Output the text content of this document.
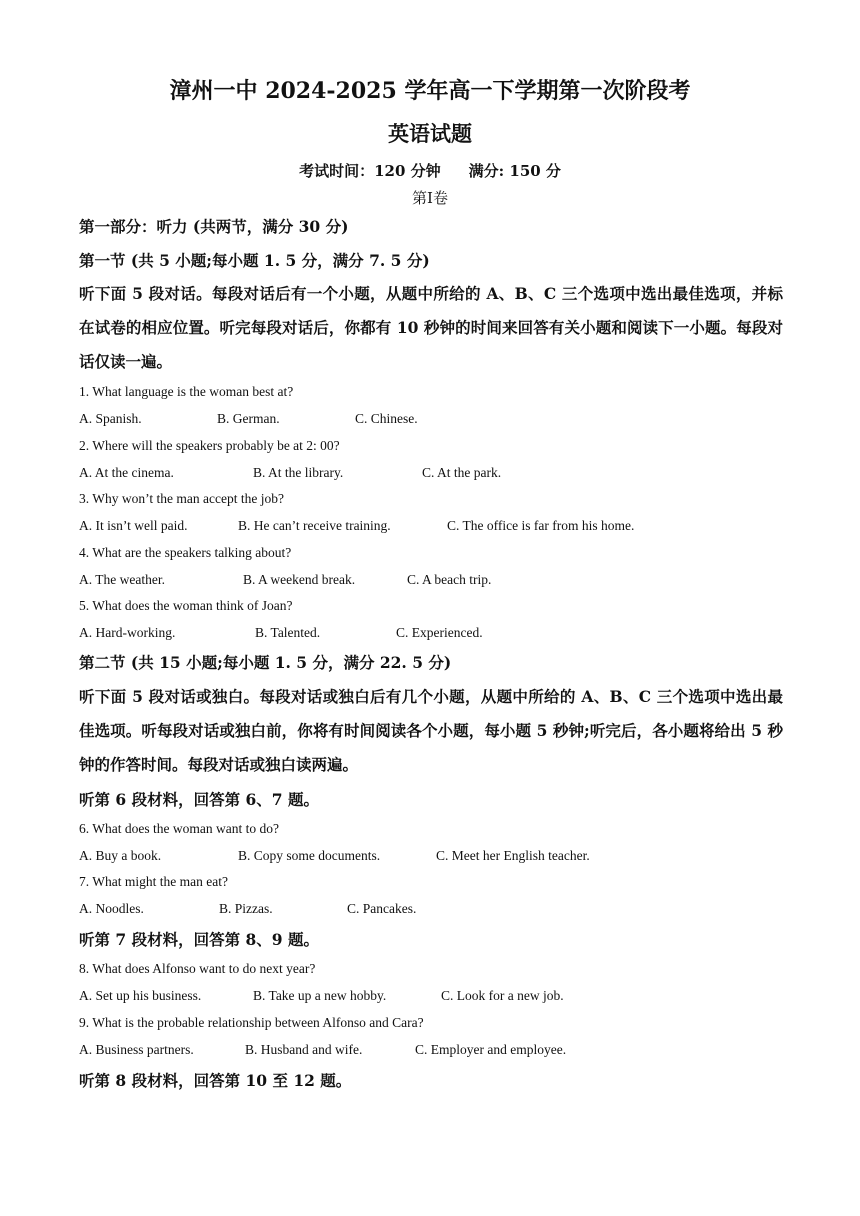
漳州一中 2024-2025 学年高一下学期第一次阶段考
英语试题
考试时间：120 分钟 满分: 150 分
第Ⅰ卷
第一部分：听力 (共两节，满分 30 分)
第一节 (共 5 小题;每小题 1. 5 分，满分 7. 5 分)
听下面 5 段对话。每段对话后有一个小题，从题中所给的 A、B、C 三个选项中选出最佳选项，并标在试卷的相应位置。听完每段对话后，你都有 10 秒钟的时间来回答有关小题和阅读下一小题。每段对话仅读一遍。
1. What language is the woman best at?
A. Spanish.	B. German.	C. Chinese.
2. Where will the speakers probably be at 2: 00?
A. At the cinema.	B. At the library.	C. At the park.
3. Why won’t the man accept the job?
A. It isn’t well paid.	B. He can’t receive training.	C. The office is far from his home.
4. What are the speakers talking about?
A. The weather.	B. A weekend break.	C. A beach trip.
5. What does the woman think of Joan?
A. Hard-working.	B. Talented.	C. Experienced.
第二节 (共 15 小题;每小题 1. 5 分，满分 22. 5 分)
听下面 5 段对话或独白。每段对话或独白后有几个小题，从题中所给的 A、B、C 三个选项中选出最佳选项。听每段对话或独白前，你将有时间阅读各个小题，每小题 5 秒钟;听完后，各小题将给出 5 秒钟的作答时间。每段对话或独白读两遍。
听第 6 段材料，回答第 6、7 题。
6. What does the woman want to do?
A. Buy a book.	B. Copy some documents.	C. Meet her English teacher.
7. What might the man eat?
A. Noodles.	B. Pizzas.	C. Pancakes.
听第 7 段材料，回答第 8、9 题。
8. What does Alfonso want to do next year?
A. Set up his business.	B. Take up a new hobby.	C. Look for a new job.
9. What is the probable relationship between Alfonso and Cara?
A. Business partners.	B. Husband and wife.	C. Employer and employee.
听第 8 段材料，回答第 10 至 12 题。
